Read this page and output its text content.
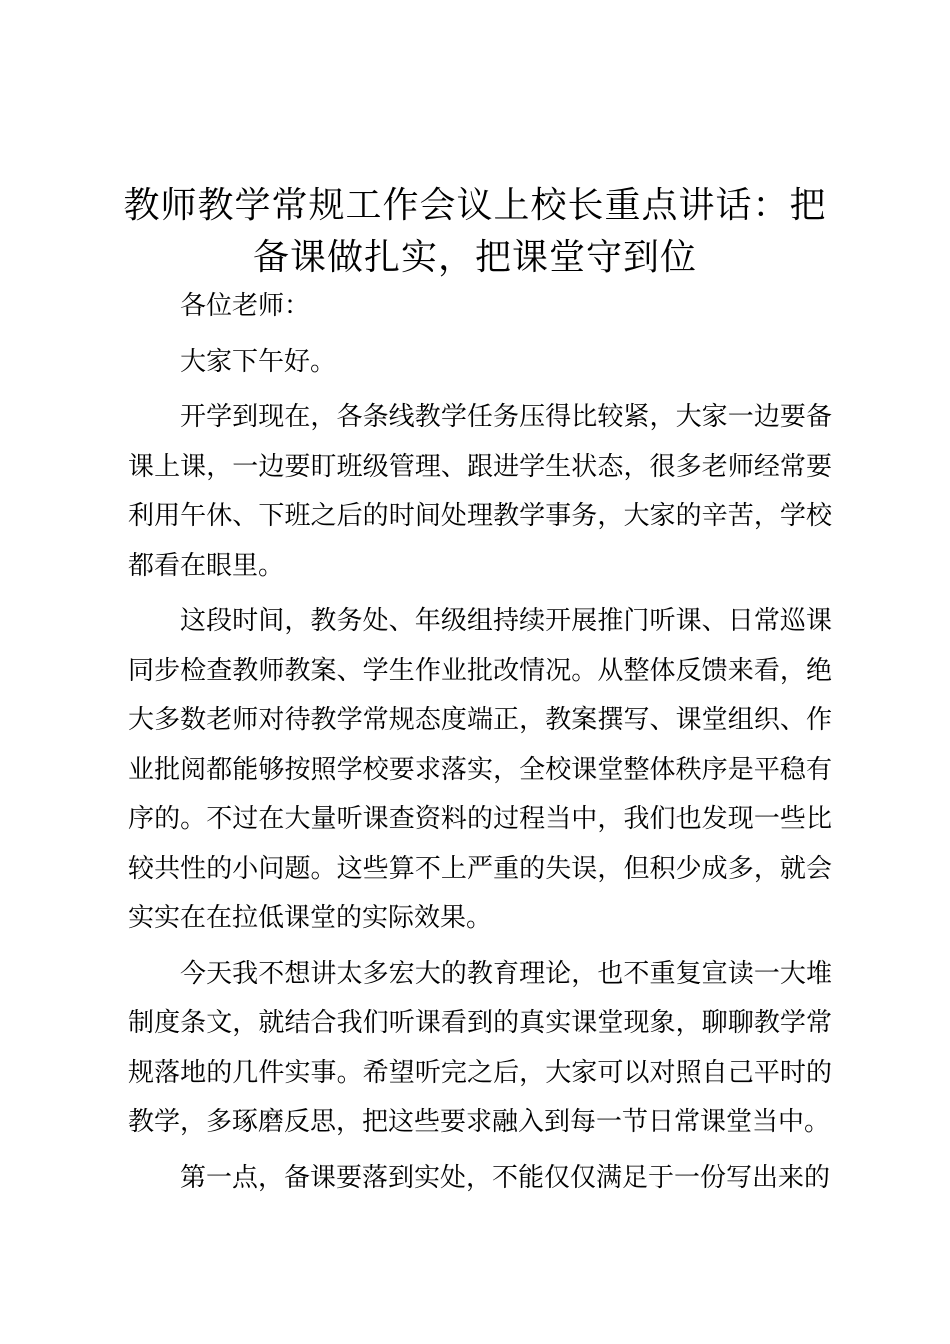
教师教学常规工作会议上校长重点讲话：把备课做扎实，把课堂守到位

各位老师：

大家下午好。

开学到现在，各条线教学任务压得比较紧，大家一边要备课上课，一边要盯班级管理、跟进学生状态，很多老师经常要利用午休、下班之后的时间处理教学事务，大家的辛苦，学校都看在眼里。

这段时间，教务处、年级组持续开展推门听课、日常巡课同步检查教师教案、学生作业批改情况。从整体反馈来看，绝大多数老师对待教学常规态度端正，教案撰写、课堂组织、作业批阅都能够按照学校要求落实，全校课堂整体秩序是平稳有序的。不过在大量听课查资料的过程当中，我们也发现一些比较共性的小问题。这些算不上严重的失误，但积少成多，就会实实在在拉低课堂的实际效果。

今天我不想讲太多宏大的教育理论，也不重复宣读一大堆制度条文，就结合我们听课看到的真实课堂现象，聊聊教学常规落地的几件实事。希望听完之后，大家可以对照自己平时的教学，多琢磨反思，把这些要求融入到每一节日常课堂当中。

第一点，备课要落到实处，不能仅仅满足于一份写出来的
